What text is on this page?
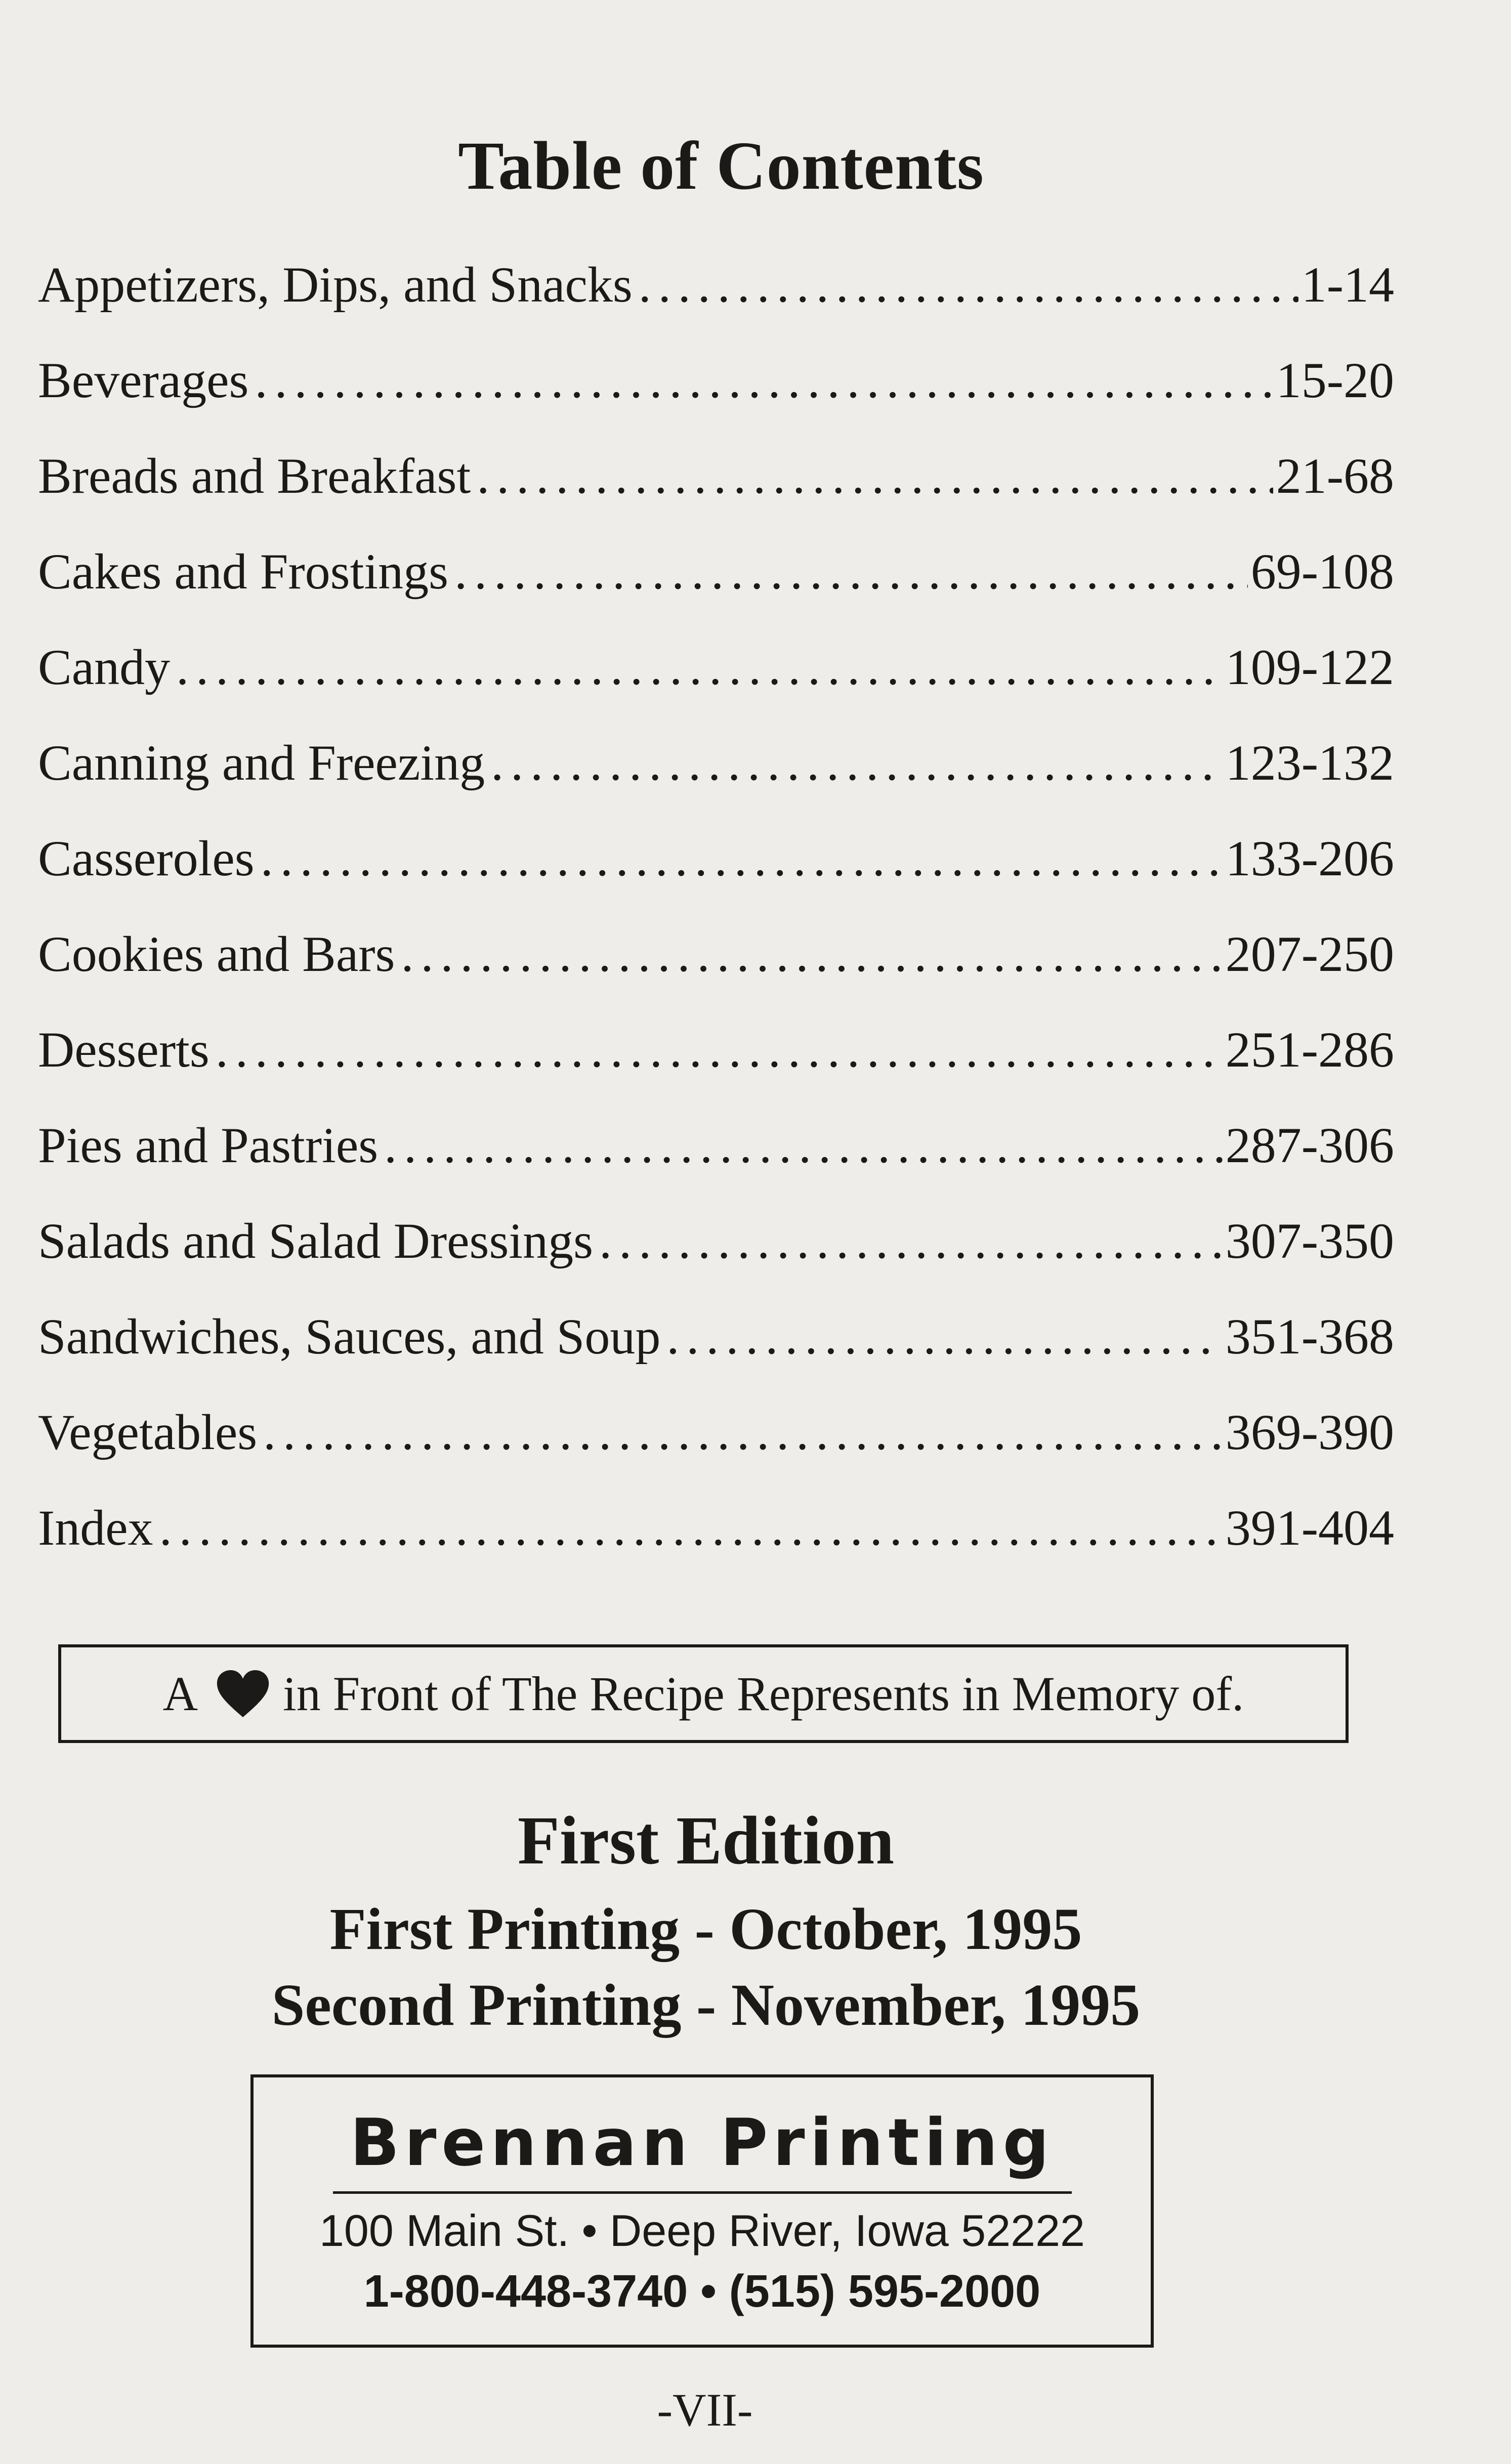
Table of Contents
Appetizers, Dips, and Snacks .....	1-14
Beverages .....	15-20
Breads and Breakfast .....	21-68
Cakes and Frostings .....	69-108
Candy .....	109-122
Canning and Freezing .....	123-132
Casseroles .....	133-206
Cookies and Bars .....	207-250
Desserts .....	251-286
Pies and Pastries .....	287-306
Salads and Salad Dressings .....	307-350
Sandwiches, Sauces, and Soup .....	351-368
Vegetables .....	369-390
Index .....	391-404
A in Front of The Recipe Represents in Memory of.
First Edition
First Printing - October, 1995
Second Printing - November, 1995
Brennan Printing
100 Main St. • Deep River, Iowa 52222
1-800-448-3740 • (515) 595-2000
-VII-
